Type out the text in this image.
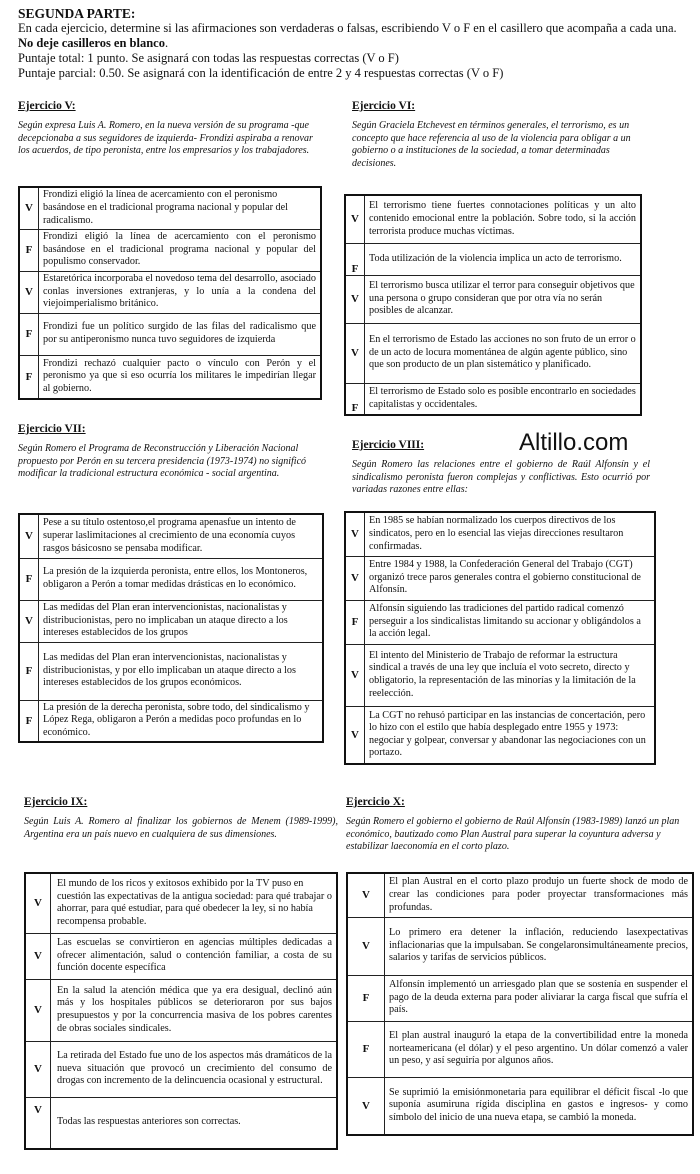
SEGUNDA PARTE:
En cada ejercicio, determine si las afirmaciones son verdaderas o falsas, escribiendo V o F en el casillero que acompaña a cada una. No deje casilleros en blanco.
Puntaje total: 1 punto. Se asignará con todas las respuestas correctas (V o F)
Puntaje parcial: 0.50. Se asignará con la identificación de entre 2 y 4 respuestas correctas (V o F)
Altillo.com
Ejercicio V:
Según expresa Luis A. Romero, en la nueva versión de su programa -que decepcionaba a sus seguidores de izquierda- Frondizi aspiraba a renovar los acuerdos, de tipo peronista, entre los empresarios y los trabajadores.
V	Frondizi eligió la línea de acercamiento con el peronismo basándose en el tradicional programa nacional y popular del radicalismo.
F	Frondizi eligió la línea de acercamiento con el peronismo basándose en el tradicional programa nacional y popular del populismo conservador.
V	Estaretórica incorporaba el novedoso tema del desarrollo, asociado conlas inversiones extranjeras, y lo unía a la condena del viejoimperialismo británico.
F	Frondizi fue un político surgido de las filas del radicalismo que por su antiperonismo nunca tuvo seguidores de izquierda
F	Frondizi rechazó cualquier pacto o vínculo con Perón y el peronismo ya que si eso ocurría los militares le impedirían llegar al gobierno.
Ejercicio VI:
Según Graciela Etchevest en términos generales, el terrorismo, es un concepto que hace referencia al uso de la violencia para obligar a un gobierno o a instituciones de la sociedad, a tomar determinadas decisiones.
V	El terrorismo tiene fuertes connotaciones políticas y un alto contenido emocional entre la población. Sobre todo, si la acción terrorista produce muchas víctimas.
F	Toda utilización de la violencia implica un acto de terrorismo.
V	El terrorismo busca utilizar el terror para conseguir objetivos que una persona o grupo consideran que por otra vía no serán posibles de alcanzar.
V	En el terrorismo de Estado las acciones no son fruto de un error o de un acto de locura momentánea de algún agente público, sino que son producto de un plan sistemático y planificado.
F	El terrorismo de Estado solo es posible encontrarlo en sociedades capitalistas y occidentales.
Ejercicio VII:
Según Romero el Programa de Reconstrucción y Liberación Nacional propuesto por Perón en su tercera presidencia (1973-1974) no significó modificar la tradicional estructura económica - social argentina.
V	Pese a su título ostentoso,el programa apenasfue un intento de superar laslimitaciones al crecimiento de una economía cuyos rasgos básicosno se pensaba modificar.
F	La presión de la izquierda peronista, entre ellos, los Montoneros, obligaron a Perón a tomar medidas drásticas en lo económico.
V	Las medidas del Plan eran intervencionistas, nacionalistas y distribucionistas, pero no implicaban un ataque directo a los intereses establecidos de los grupos
F	Las medidas del Plan eran intervencionistas, nacionalistas y distribucionistas, y por ello implicaban un ataque directo a los intereses establecidos de los grupos económicos.
F	La presión de la derecha peronista, sobre todo, del sindicalismo y López Rega, obligaron a Perón a medidas poco profundas en lo económico.
Ejercicio VIII:
Según Romero las relaciones entre el gobierno de Raúl Alfonsín y el sindicalismo peronista fueron complejas y conflictivas. Esto ocurrió por variadas razones entre ellas:
V	En 1985 se habían normalizado los cuerpos directivos de los sindicatos, pero en lo esencial las viejas direcciones resultaron confirmadas.
V	Entre 1984 y 1988, la Confederación General del Trabajo (CGT) organizó trece paros generales contra el gobierno constitucional de Alfonsín.
F	Alfonsín siguiendo las tradiciones del partido radical comenzó perseguir a los sindicalistas limitando su accionar y obligándolos a la acción legal.
V	El intento del Ministerio de Trabajo de reformar la estructura sindical a través de una ley que incluía el voto secreto, directo y obligatorio, la representación de las minorías y la limitación de la reelección.
V	La CGT no rehusó participar en las instancias de concertación, pero lo hizo con el estilo que había desplegado entre 1955 y 1973: negociar y golpear, conversar y abandonar las negociaciones con un portazo.
Ejercicio IX:
Según Luis A. Romero al finalizar los gobiernos de Menem (1989-1999), Argentina era un país nuevo en cualquiera de sus dimensiones.
V	El mundo de los ricos y exitosos exhibido por la TV puso en cuestión las expectativas de la antigua sociedad: para qué trabajar o ahorrar, para qué estudiar, para qué obedecer la ley, si no había recompensa probable.
V	Las escuelas se convirtieron en agencias múltiples dedicadas a ofrecer alimentación, salud o contención familiar, a costa de su función docente específica
V	En la salud la atención médica que ya era desigual, declinó aún más y los hospitales públicos se deterioraron por sus bajos presupuestos y por la concurrencia masiva de los pobres carentes de obras sociales sindicales.
V	La retirada del Estado fue uno de los aspectos más dramáticos de la nueva situación que provocó un crecimiento del consumo de drogas con incremento de la delincuencia ocasional y estructural.
V	Todas las respuestas anteriores son correctas.
Ejercicio X:
Según Romero el gobierno el gobierno de Raúl Alfonsín (1983-1989) lanzó un plan económico, bautizado como Plan Austral para superar la coyuntura adversa y estabilizar laeconomía en el corto plazo.
V	El plan Austral en el corto plazo produjo un fuerte shock de modo de crear las condiciones para poder proyectar transformaciones más profundas.
V	Lo primero era detener la inflación, reduciendo lasexpectativas inflacionarias que la impulsaban. Se congelaronsimultáneamente precios, salarios y tarifas de servicios públicos.
F	Alfonsín implementó un arriesgado plan que se sostenía en suspender el pago de la deuda externa para poder aliviarar la carga fiscal que sufría el país.
F	El plan austral inauguró la etapa de la convertibilidad entre la moneda norteamericana (el dólar) y el peso argentino. Un dólar comenzó a valer un peso, y así seguiría por algunos años.
V	Se suprimió la emisiónmonetaria para equilibrar el déficit fiscal -lo que suponía asumiruna rígida disciplina en gastos e ingresos- y como símbolo del inicio de una nueva etapa, se cambió la moneda.
